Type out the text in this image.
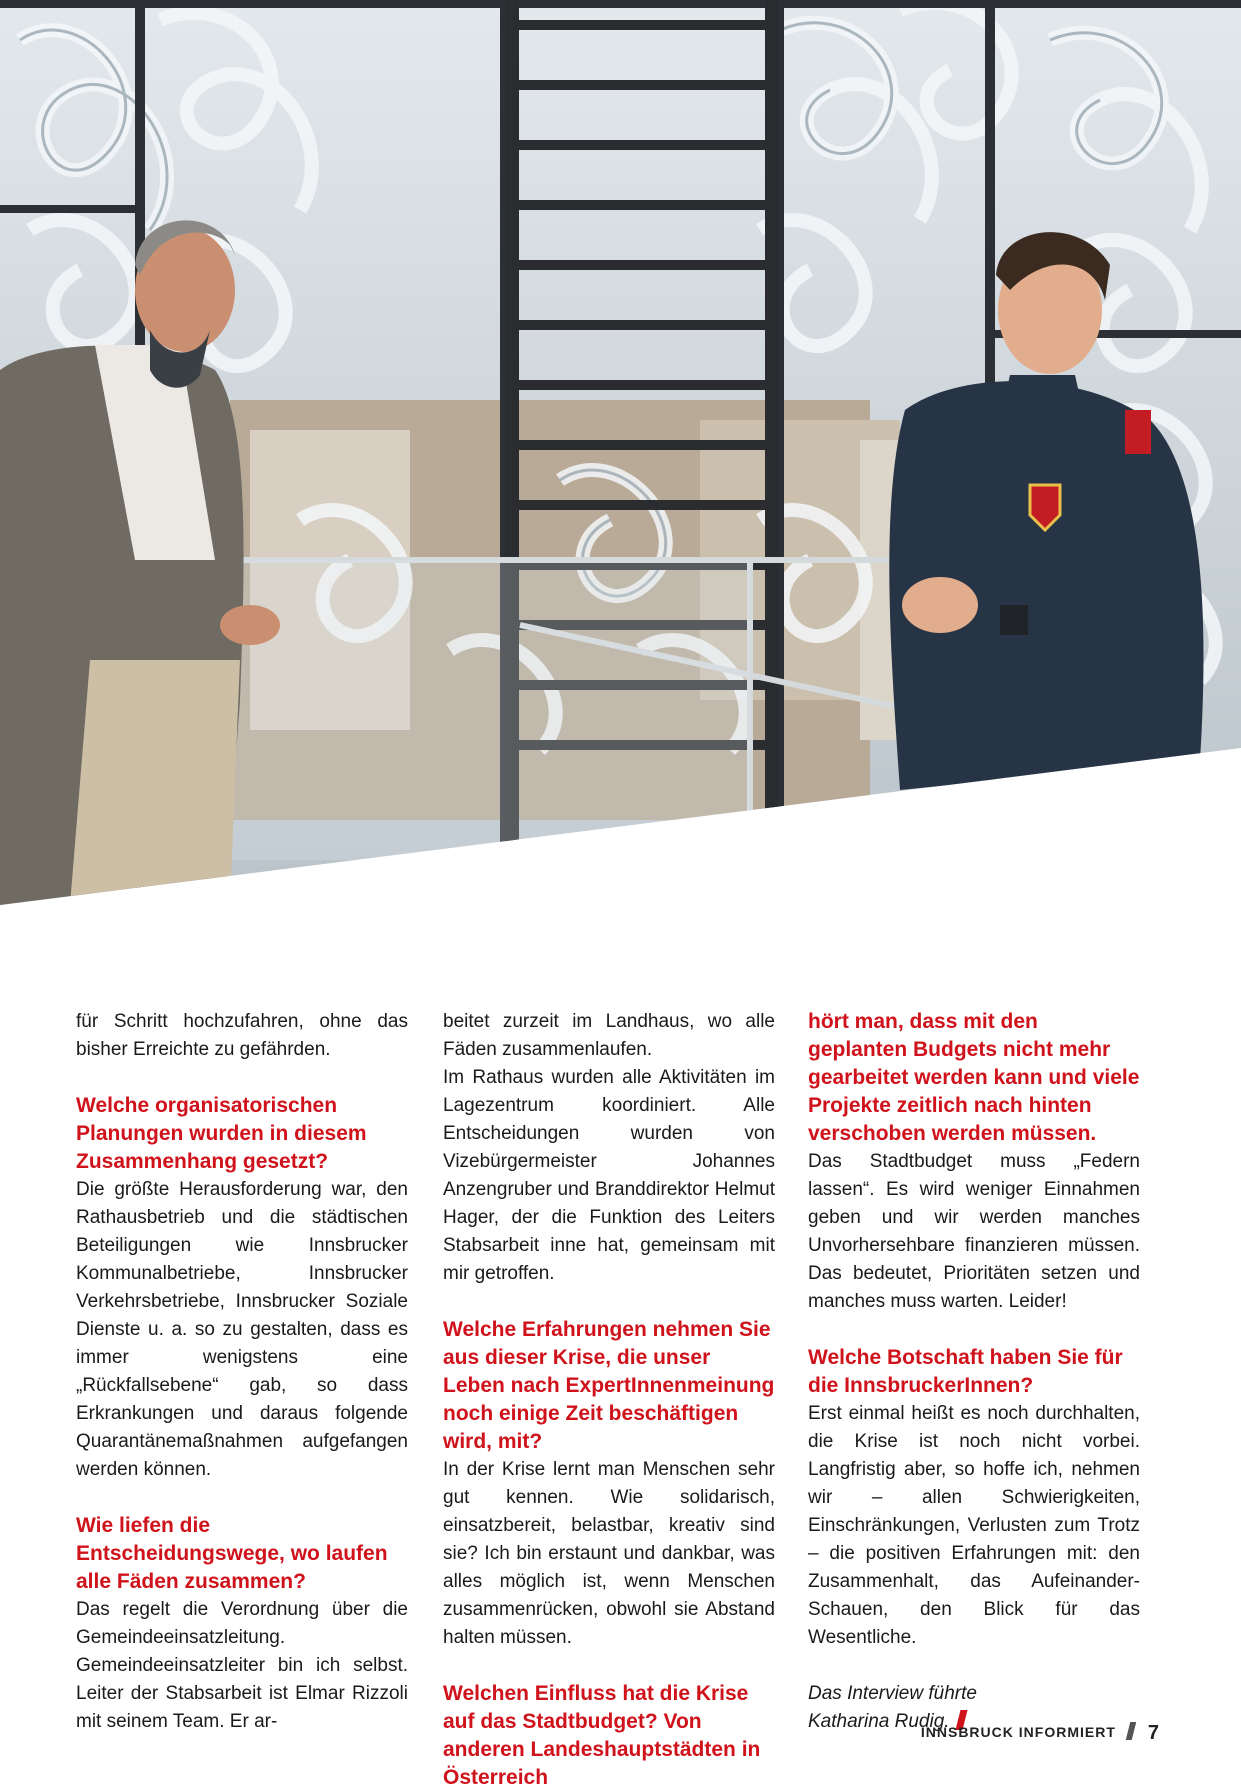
für Schritt hochzufahren, ohne das bisher Erreichte zu gefährden.

Welche organisatorischen Planungen wurden in diesem Zusammenhang gesetzt?

Die größte Herausforderung war, den Rathausbetrieb und die städtischen Beteiligungen wie Innsbrucker Kommunalbetriebe, Innsbrucker Verkehrsbetriebe, Innsbrucker Soziale Dienste u. a. so zu gestalten, dass es immer wenigstens eine „Rückfallsebene“ gab, so dass Erkrankungen und daraus folgende Quarantänemaßnahmen aufgefangen werden können.

Wie liefen die Entscheidungswege, wo laufen alle Fäden zusammen?

Das regelt die Verordnung über die Gemeindeeinsatzleitung. Gemeindeeinsatzleiter bin ich selbst. Leiter der Stabsarbeit ist Elmar Rizzoli mit seinem Team. Er ar-

beitet zurzeit im Landhaus, wo alle Fäden zusammenlaufen.

Im Rathaus wurden alle Aktivitäten im Lagezentrum koordiniert. Alle Entscheidungen wurden von Vizebürgermeister Johannes Anzengruber und Branddirektor Helmut Hager, der die Funktion des Leiters Stabsarbeit inne hat, gemeinsam mit mir getroffen.

Welche Erfahrungen nehmen Sie aus dieser Krise, die unser Leben nach ExpertInnenmeinung noch einige Zeit beschäftigen wird, mit?

In der Krise lernt man Menschen sehr gut kennen. Wie solidarisch, einsatzbereit, belastbar, kreativ sind sie? Ich bin erstaunt und dankbar, was alles möglich ist, wenn Menschen zusammenrücken, obwohl sie Abstand halten müssen.

Welchen Einfluss hat die Krise auf das Stadtbudget? Von anderen Landeshauptstädten in Österreich
hört man, dass mit den geplanten Budgets nicht mehr gearbeitet werden kann und viele Projekte zeitlich nach hinten verschoben werden müssen.

Das Stadtbudget muss „Federn lassen“. Es wird weniger Einnahmen geben und wir werden manches Unvorhersehbare finanzieren müssen. Das bedeutet, Prioritäten setzen und manches muss warten. Leider!

Welche Botschaft haben Sie für die InnsbruckerInnen?

Erst einmal heißt es noch durchhalten, die Krise ist noch nicht vorbei. Langfristig aber, so hoffe ich, nehmen wir – allen Schwierigkeiten, Einschränkungen, Verlusten zum Trotz – die positiven Erfahrungen mit: den Zusammenhalt, das Aufeinander-Schauen, den Blick für das Wesentliche.

Das Interview führte

Katharina Rudig.

INNSBRUCK INFORMIERT 7
